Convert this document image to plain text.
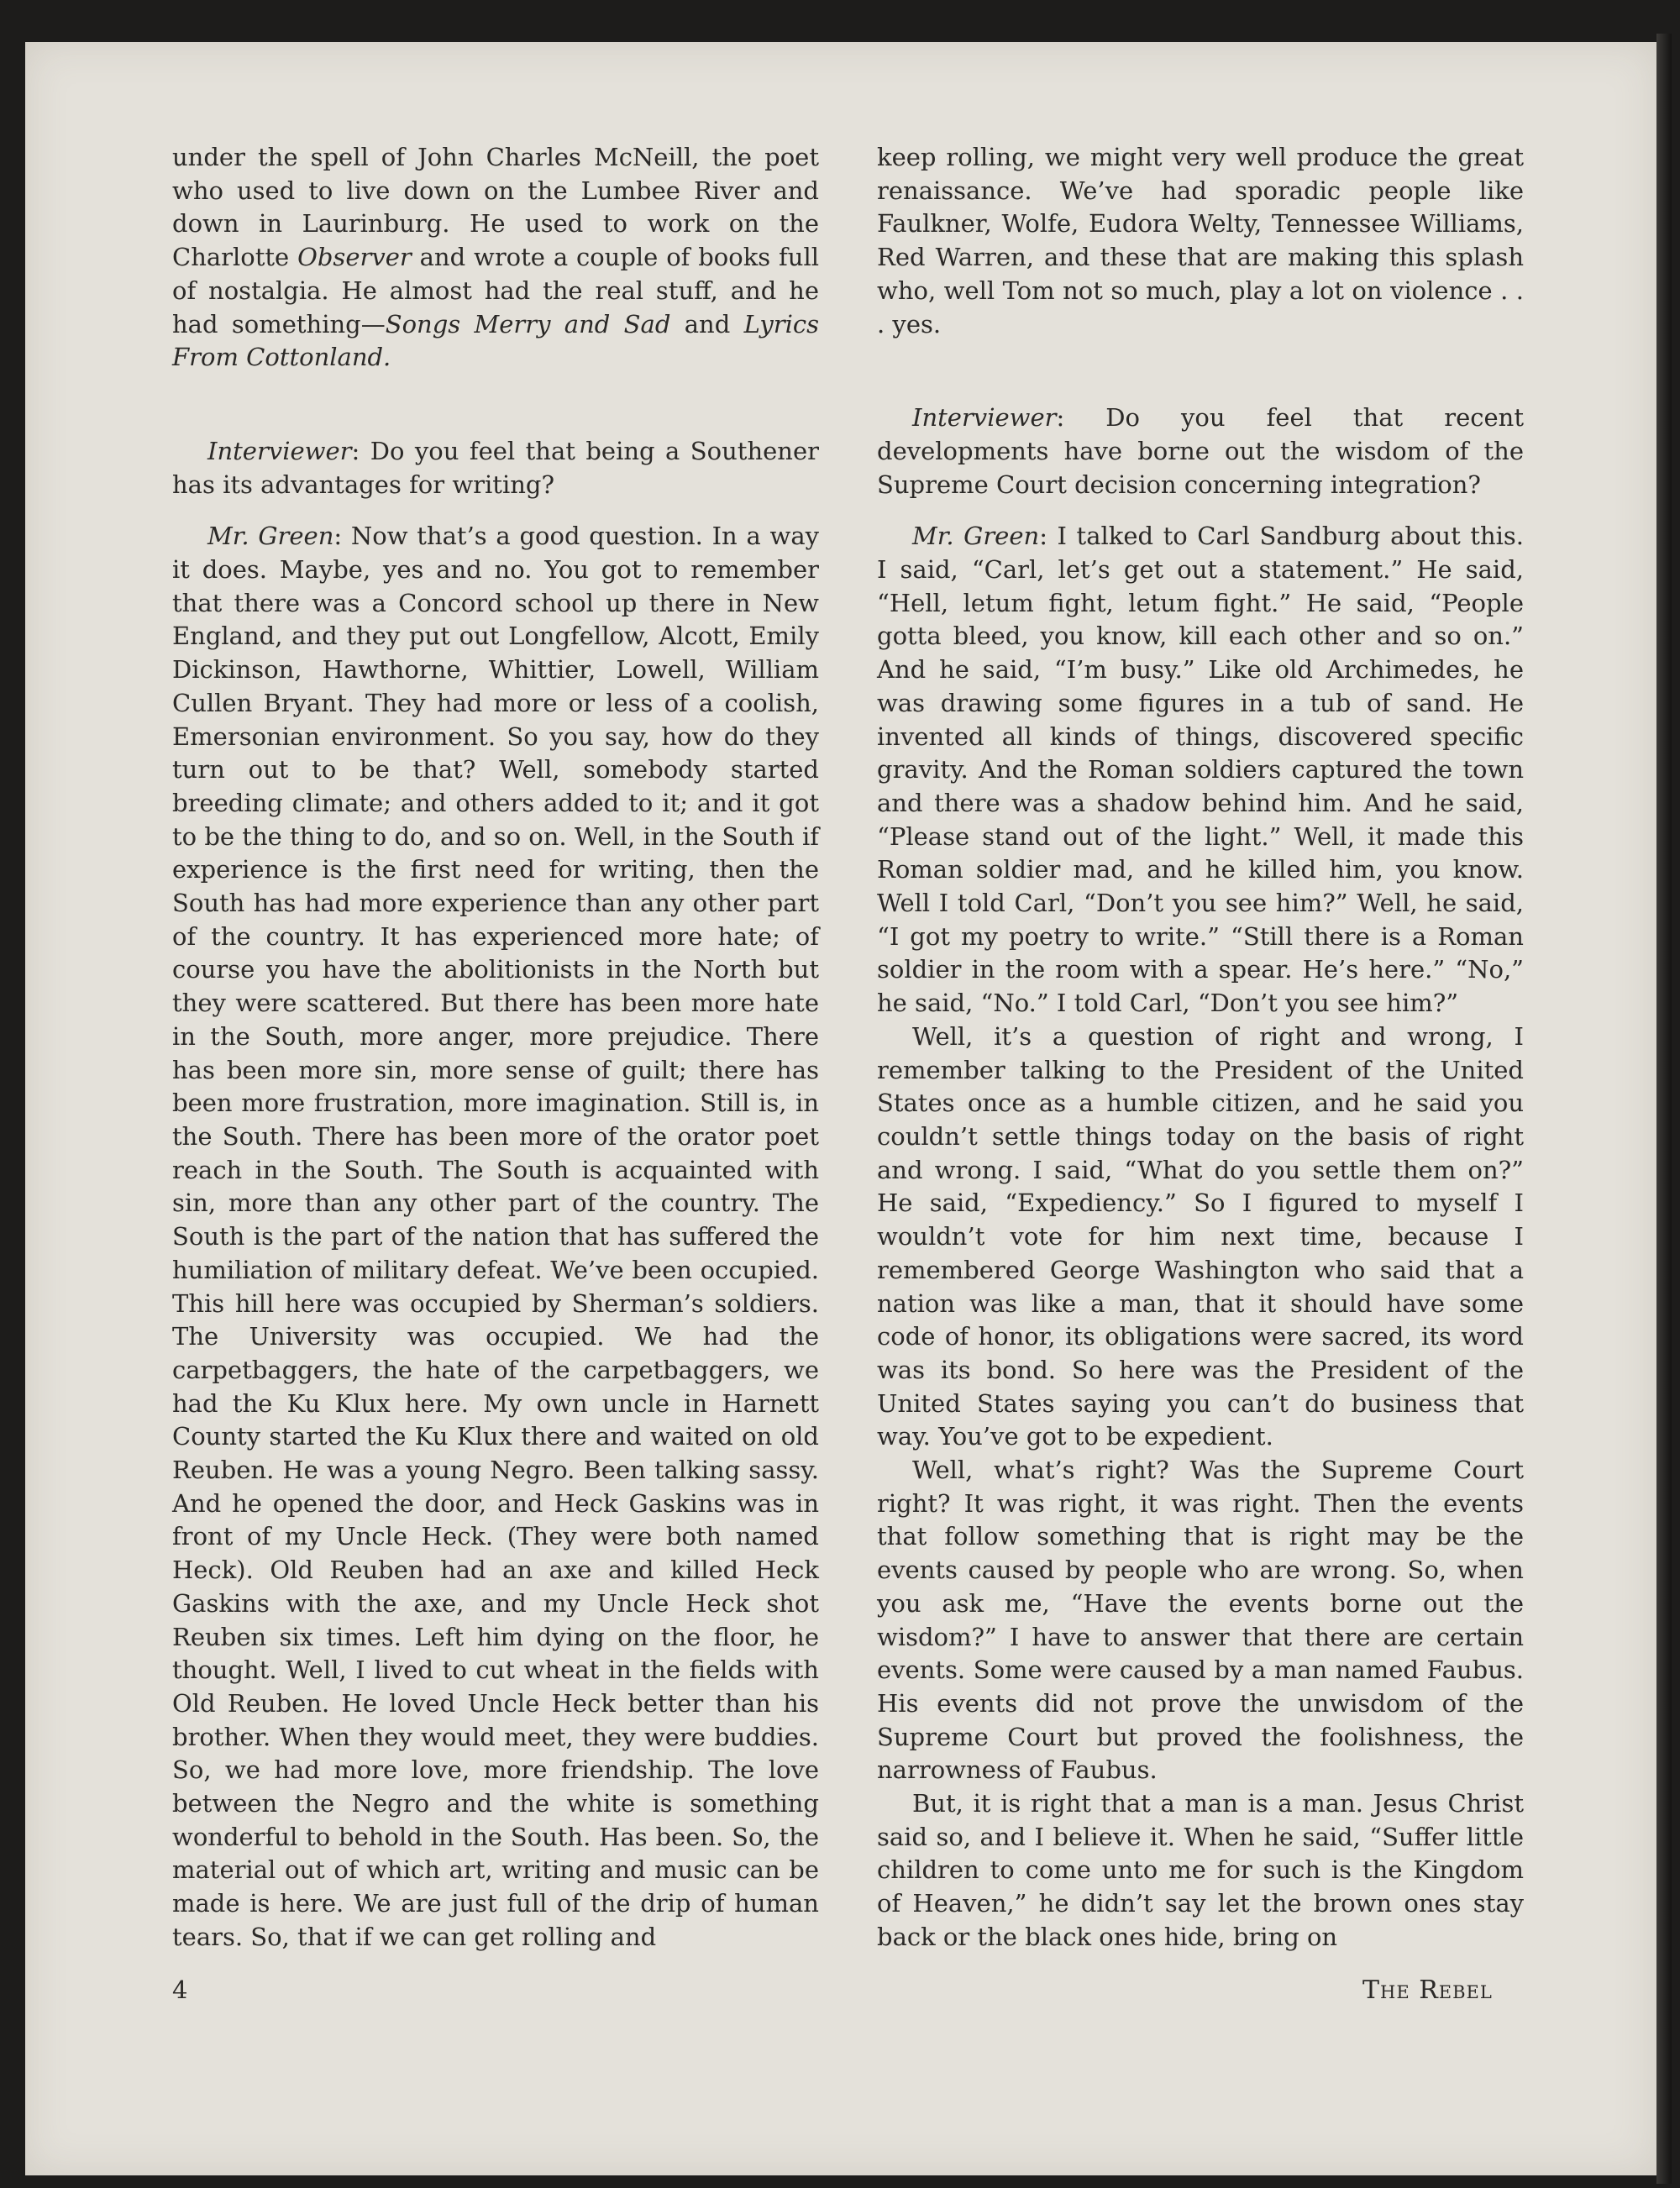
under the spell of John Charles McNeill, the poet who used to live down on the Lumbee River and down in Laurinburg. He used to work on the Charlotte Observer and wrote a couple of books full of nostalgia. He almost had the real stuff, and he had something—Songs Merry and Sad and Lyrics From Cottonland.

Interviewer: Do you feel that being a Southener has its advantages for writing?

Mr. Green: Now that’s a good question. In a way it does. Maybe, yes and no. You got to remember that there was a Concord school up there in New England, and they put out Longfellow, Alcott, Emily Dickinson, Hawthorne, Whittier, Lowell, William Cullen Bryant. They had more or less of a coolish, Emersonian environment. So you say, how do they turn out to be that? Well, somebody started breeding climate; and others added to it; and it got to be the thing to do, and so on. Well, in the South if experience is the first need for writing, then the South has had more experience than any other part of the country. It has experienced more hate; of course you have the abolitionists in the North but they were scattered. But there has been more hate in the South, more anger, more prejudice. There has been more sin, more sense of guilt; there has been more frustration, more imagination. Still is, in the South. There has been more of the orator poet reach in the South. The South is acquainted with sin, more than any other part of the country. The South is the part of the nation that has suffered the humiliation of military defeat. We’ve been occupied. This hill here was occupied by Sherman’s soldiers. The University was occupied. We had the carpetbaggers, the hate of the carpetbaggers, we had the Ku Klux here. My own uncle in Harnett County started the Ku Klux there and waited on old Reuben. He was a young Negro. Been talking sassy. And he opened the door, and Heck Gaskins was in front of my Uncle Heck. (They were both named Heck). Old Reuben had an axe and killed Heck Gaskins with the axe, and my Uncle Heck shot Reuben six times. Left him dying on the floor, he thought. Well, I lived to cut wheat in the fields with Old Reuben. He loved Uncle Heck better than his brother. When they would meet, they were buddies. So, we had more love, more friendship. The love between the Negro and the white is something wonderful to behold in the South. Has been. So, the material out of which art, writing and music can be made is here. We are just full of the drip of human tears. So, that if we can get rolling and

keep rolling, we might very well produce the great renaissance. We’ve had sporadic people like Faulkner, Wolfe, Eudora Welty, Tennessee Williams, Red Warren, and these that are making this splash who, well Tom not so much, play a lot on violence . . . yes.

Interviewer: Do you feel that recent developments have borne out the wisdom of the Supreme Court decision concerning integration?

Mr. Green: I talked to Carl Sandburg about this. I said, “Carl, let’s get out a statement.” He said, “Hell, letum fight, letum fight.” He said, “People gotta bleed, you know, kill each other and so on.” And he said, “I’m busy.” Like old Archimedes, he was drawing some figures in a tub of sand. He invented all kinds of things, discovered specific gravity. And the Roman soldiers captured the town and there was a shadow behind him. And he said, “Please stand out of the light.” Well, it made this Roman soldier mad, and he killed him, you know. Well I told Carl, “Don’t you see him?” Well, he said, “I got my poetry to write.” “Still there is a Roman soldier in the room with a spear. He’s here.” “No,” he said, “No.” I told Carl, “Don’t you see him?”

Well, it’s a question of right and wrong, I remember talking to the President of the United States once as a humble citizen, and he said you couldn’t settle things today on the basis of right and wrong. I said, “What do you settle them on?” He said, “Expediency.” So I figured to myself I wouldn’t vote for him next time, because I remembered George Washington who said that a nation was like a man, that it should have some code of honor, its obligations were sacred, its word was its bond. So here was the President of the United States saying you can’t do business that way. You’ve got to be expedient.

Well, what’s right? Was the Supreme Court right? It was right, it was right. Then the events that follow something that is right may be the events caused by people who are wrong. So, when you ask me, “Have the events borne out the wisdom?” I have to answer that there are certain events. Some were caused by a man named Faubus. His events did not prove the unwisdom of the Supreme Court but proved the foolishness, the narrowness of Faubus.

But, it is right that a man is a man. Jesus Christ said so, and I believe it. When he said, “Suffer little children to come unto me for such is the Kingdom of Heaven,” he didn’t say let the brown ones stay back or the black ones hide, bring on

4	The Rebel
